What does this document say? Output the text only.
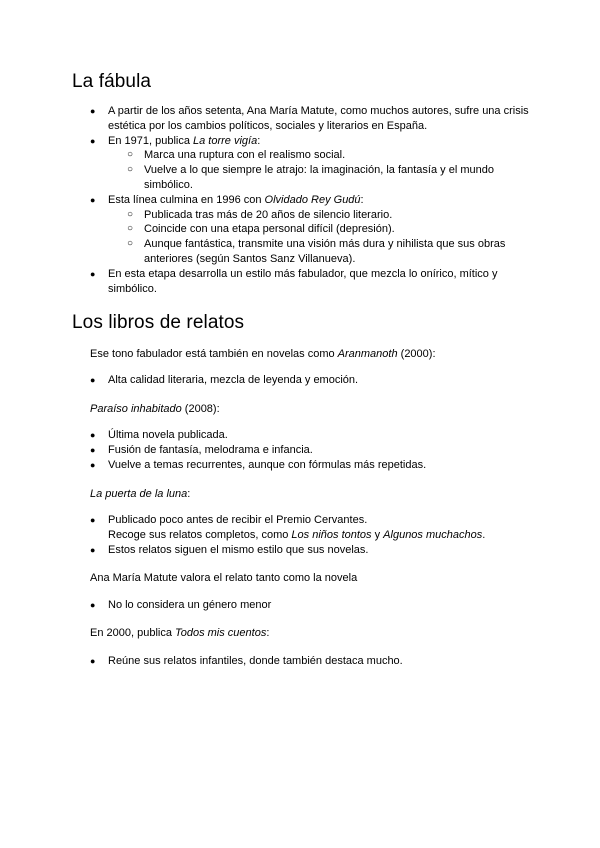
La fábula
● A partir de los años setenta, Ana María Matute, como muchos autores, sufre una crisis estética por los cambios políticos, sociales y literarios en España.
● En 1971, publica La torre vigía:
○ Marca una ruptura con el realismo social.
○ Vuelve a lo que siempre le atrajo: la imaginación, la fantasía y el mundo simbólico.
● Esta línea culmina en 1996 con Olvidado Rey Gudú:
○ Publicada tras más de 20 años de silencio literario.
○ Coincide con una etapa personal difícil (depresión).
○ Aunque fantástica, transmite una visión más dura y nihilista que sus obras anteriores (según Santos Sanz Villanueva).
● En esta etapa desarrolla un estilo más fabulador, que mezcla lo onírico, mítico y simbólico.
Los libros de relatos

Ese tono fabulador está también en novelas como Aranmanoth (2000):

● Alta calidad literaria, mezcla de leyenda y emoción.

Paraíso inhabitado (2008):

● Última novela publicada.
● Fusión de fantasía, melodrama e infancia.
● Vuelve a temas recurrentes, aunque con fórmulas más repetidas.

La puerta de la luna:

● Publicado poco antes de recibir el Premio Cervantes.
Recoge sus relatos completos, como Los niños tontos y Algunos muchachos.
● Estos relatos siguen el mismo estilo que sus novelas.

Ana María Matute valora el relato tanto como la novela

● No lo considera un género menor

En 2000, publica Todos mis cuentos:

● Reúne sus relatos infantiles, donde también destaca mucho.
